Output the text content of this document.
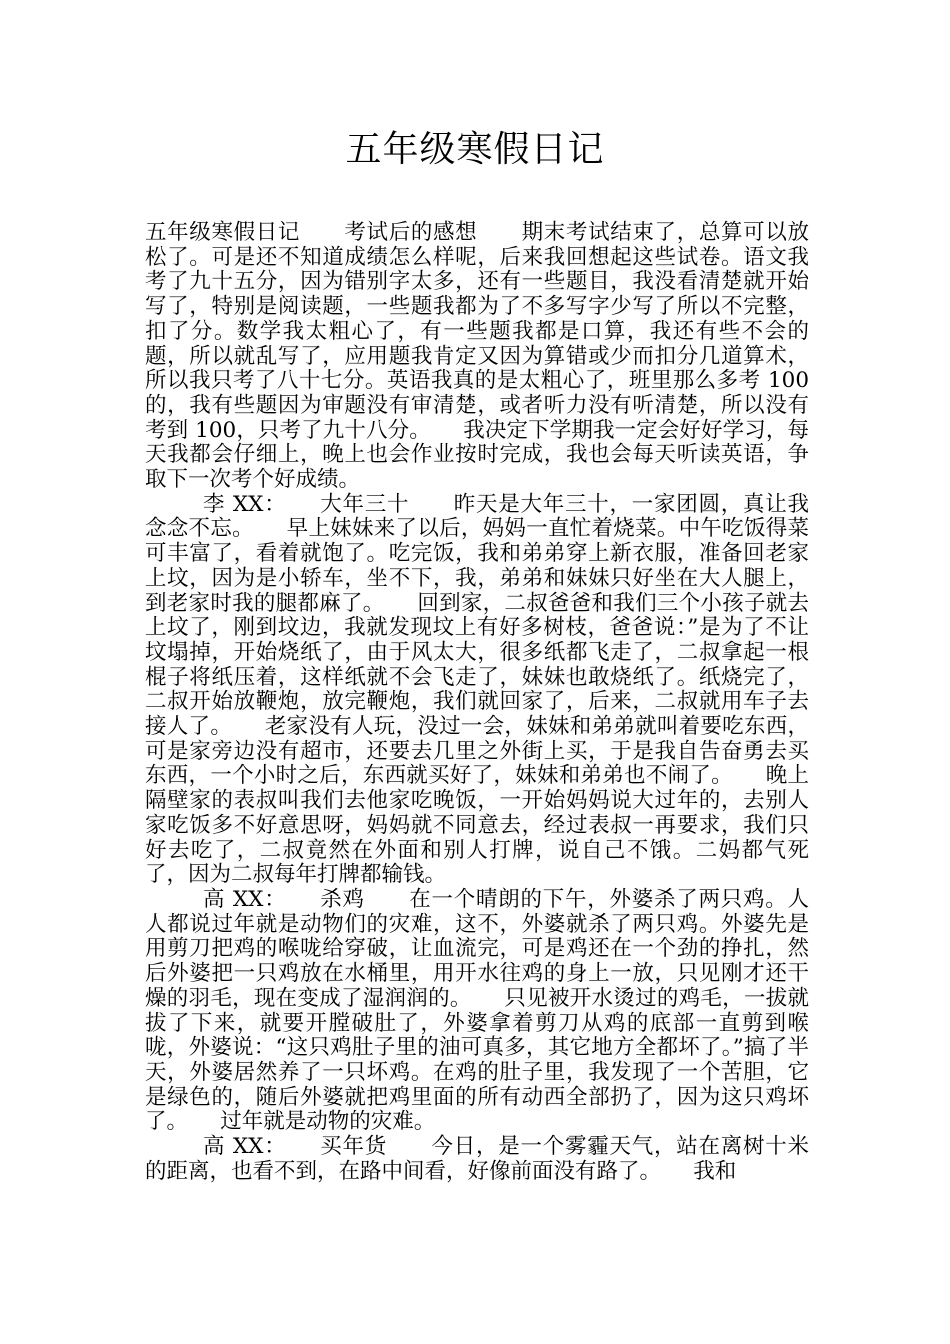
五年级寒假日记

五年级寒假日记　　考试后的感想　　期末考试结束了，总算可以放松了。可是还不知道成绩怎么样呢，后来我回想起这些试卷。语文我考了九十五分，因为错别字太多，还有一些题目，我没看清楚就开始写了，特别是阅读题，一些题我都为了不多写字少写了所以不完整，扣了分。数学我太粗心了，有一些题我都是口算，我还有些不会的题，所以就乱写了，应用题我肯定又因为算错或少而扣分几道算术，所以我只考了八十七分。英语我真的是太粗心了，班里那么多考 100 的，我有些题因为审题没有审清楚，或者听力没有听清楚，所以没有考到 100，只考了九十八分。　　我决定下学期我一定会好好学习，每天我都会仔细上，晚上也会作业按时完成，我也会每天听读英语，争取下一次考个好成绩。

李 XX：　　大年三十　　昨天是大年三十，一家团圆，真让我念念不忘。　　早上妹妹来了以后，妈妈一直忙着烧菜。中午吃饭得菜可丰富了，看着就饱了。吃完饭，我和弟弟穿上新衣服，准备回老家上坟，因为是小轿车，坐不下，我，弟弟和妹妹只好坐在大人腿上，到老家时我的腿都麻了。　　回到家，二叔爸爸和我们三个小孩子就去上坟了，刚到坟边，我就发现坟上有好多树枝，爸爸说：”是为了不让坟塌掉，开始烧纸了，由于风太大，很多纸都飞走了，二叔拿起一根棍子将纸压着，这样纸就不会飞走了，妹妹也敢烧纸了。纸烧完了，二叔开始放鞭炮，放完鞭炮，我们就回家了，后来，二叔就用车子去接人了。　　老家没有人玩，没过一会，妹妹和弟弟就叫着要吃东西，可是家旁边没有超市，还要去几里之外街上买，于是我自告奋勇去买东西，一个小时之后，东西就买好了，妹妹和弟弟也不闹了。　　晚上隔壁家的表叔叫我们去他家吃晚饭，一开始妈妈说大过年的，去别人家吃饭多不好意思呀，妈妈就不同意去，经过表叔一再要求，我们只好去吃了，二叔竟然在外面和别人打牌，说自己不饿。二妈都气死了，因为二叔每年打牌都输钱。

高 XX：　　杀鸡　　在一个晴朗的下午，外婆杀了两只鸡。人人都说过年就是动物们的灾难，这不，外婆就杀了两只鸡。外婆先是用剪刀把鸡的喉咙给穿破，让血流完，可是鸡还在一个劲的挣扎，然后外婆把一只鸡放在水桶里，用开水往鸡的身上一放，只见刚才还干燥的羽毛，现在变成了湿润润的。　　只见被开水烫过的鸡毛，一拔就拔了下来，就要开膛破肚了，外婆拿着剪刀从鸡的底部一直剪到喉咙，外婆说：“这只鸡肚子里的油可真多，其它地方全都坏了。”搞了半天，外婆居然养了一只坏鸡。在鸡的肚子里，我发现了一个苦胆，它是绿色的，随后外婆就把鸡里面的所有动西全部扔了，因为这只鸡坏了。　　过年就是动物的灾难。

高 XX：　　买年货　　今日，是一个雾霾天气，站在离树十米的距离，也看不到，在路中间看，好像前面没有路了。　　我和
